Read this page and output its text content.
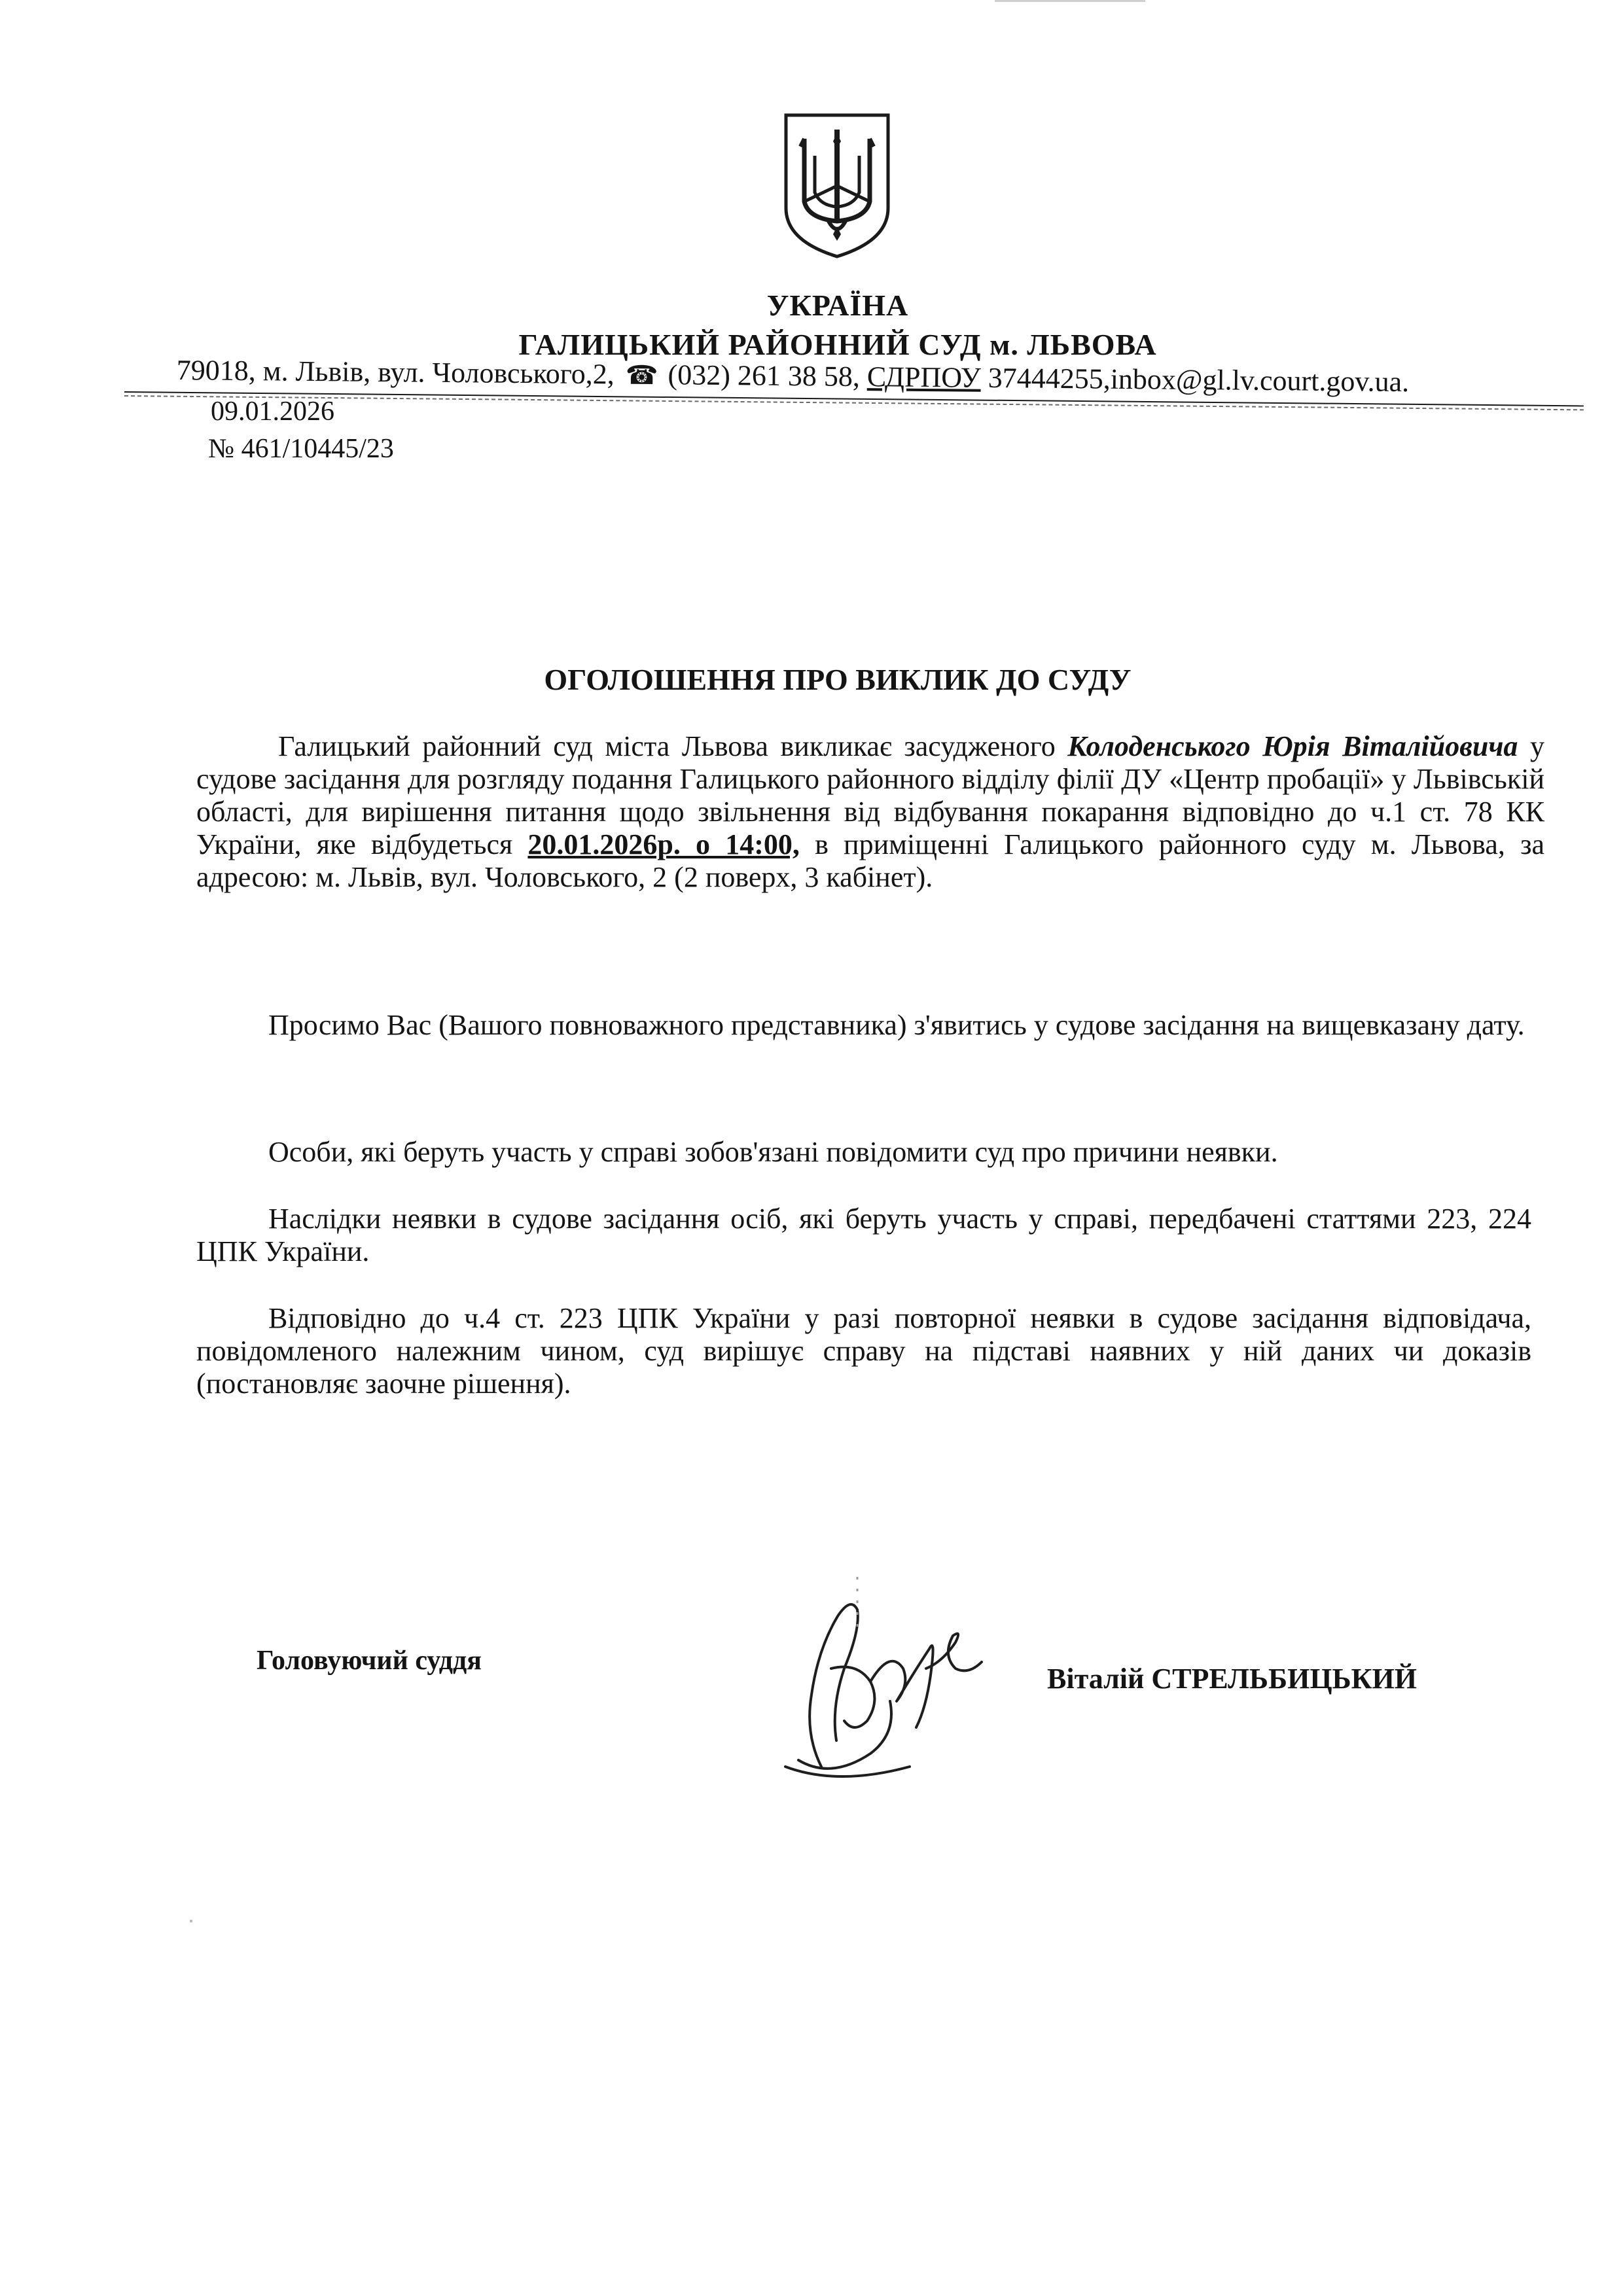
УКРАЇНА
ГАЛИЦЬКИЙ РАЙОННИЙ СУД м. ЛЬВОВА
79018, м. Львів, вул. Чоловського,2, ☎ (032) 261 38 58, СДРПОУ 37444255,inbox@gl.lv.court.gov.ua.
09.01.2026
№ 461/10445/23
ОГОЛОШЕННЯ ПРО ВИКЛИК ДО СУДУ
Галицький районний суд міста Львова викликає засудженого Колоденського Юрія Віталійовича у судове засідання для розгляду подання Галицького районного відділу філії ДУ «Центр пробації» у Львівській області, для вирішення питання щодо звільнення від відбування покарання відповідно до ч.1 ст. 78 КК України, яке відбудеться 20.01.2026р. о 14:00, в приміщенні Галицького районного суду м. Львова, за адресою: м. Львів, вул. Чоловського, 2 (2 поверх, 3 кабінет).
Просимо Вас (Вашого повноважного представника) з'явитись у судове засідання на вищевказану дату.
Особи, які беруть участь у справі зобов'язані повідомити суд про причини неявки.
Наслідки неявки в судове засідання осіб, які беруть участь у справі, передбачені статтями 223, 224 ЦПК України.
Відповідно до ч.4 ст. 223 ЦПК України у разі повторної неявки в судове засідання відповідача, повідомленого належним чином, суд вирішує справу на підставі наявних у ній даних чи доказів (постановляє заочне рішення).
Головуючий суддя
Віталій СТРЕЛЬБИЦЬКИЙ
